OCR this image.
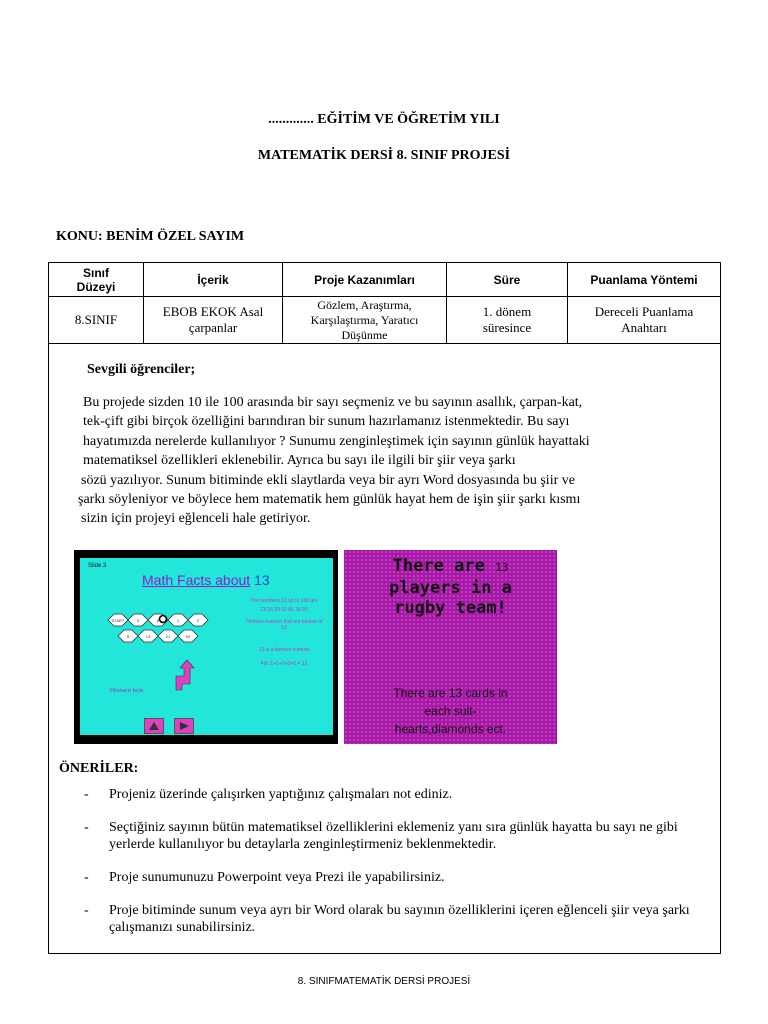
............. EĞİTİM VE ÖĞRETİM YILI
MATEMATİK DERSİ 8. SINIF PROJESİ
KONU: BENİM ÖZEL SAYIM
Sınıf Düzeyi	İçerik	Proje Kazanımları	Süre	Puanlama Yöntemi
8.SINIF	EBOB EKOK Asal çarpanlar	Gözlem, Araştırma, Karşılaştırma, Yaratıcı Düşünme	1. dönem süresince	Dereceli Puanlama Anahtarı
Sevgili öğrenciler;
Bu projede sizden 10 ile 100 arasında bir sayı seçmeniz ve bu sayının asallık, çarpan-kat,
tek-çift gibi birçok özelliğini barındıran bir sunum hazırlamanız istenmektedir. Bu sayı
hayatımızda nerelerde kullanılıyor ? Sunumu zenginleştimek için sayının günlük hayattaki
matematiksel özellikleri eklenebilir. Ayrıca bu sayı ile ilgili bir şiir veya şarkı
sözü yazılıyor. Sunum bitiminde ekli slaytlarda veya bir ayrı Word dosyasında bu şiir ve
şarkı söyleniyor ve böylece hem matematik hem günlük hayat hem de işin şiir şarkı kısmı
sizin için projeyi eğlenceli hale getiriyor.
Slide 3
Math Facts about 13
START	3	8	1	2
5	13	21	34
Fibonacci facts
The numbers 13 up to 100 are
13 26 39 52 65 78 91
Thirteen number that are factors of 13
13 is a famous number
Fib: 1+1+2+3+5 = 13
There are 13
players in a
rugby team!
There are 13 cards in
each suit-
hearts,diamonds ect.
ÖNERİLER:
- Projeniz üzerinde çalışırken yaptığınız çalışmaları not ediniz.
- Seçtiğiniz sayının bütün matematiksel özelliklerini eklemeniz yanı sıra günlük hayatta bu sayı ne gibi yerlerde kullanılıyor bu detaylarla zenginleştirmeniz beklenmektedir.
- Proje sunumunuzu Powerpoint veya Prezi ile yapabilirsiniz.
- Proje bitiminde sunum veya ayrı bir Word olarak bu sayının özelliklerini içeren eğlenceli şiir veya şarkı çalışmanızı sunabilirsiniz.
8. SINIFMATEMATİK DERSİ PROJESİ
